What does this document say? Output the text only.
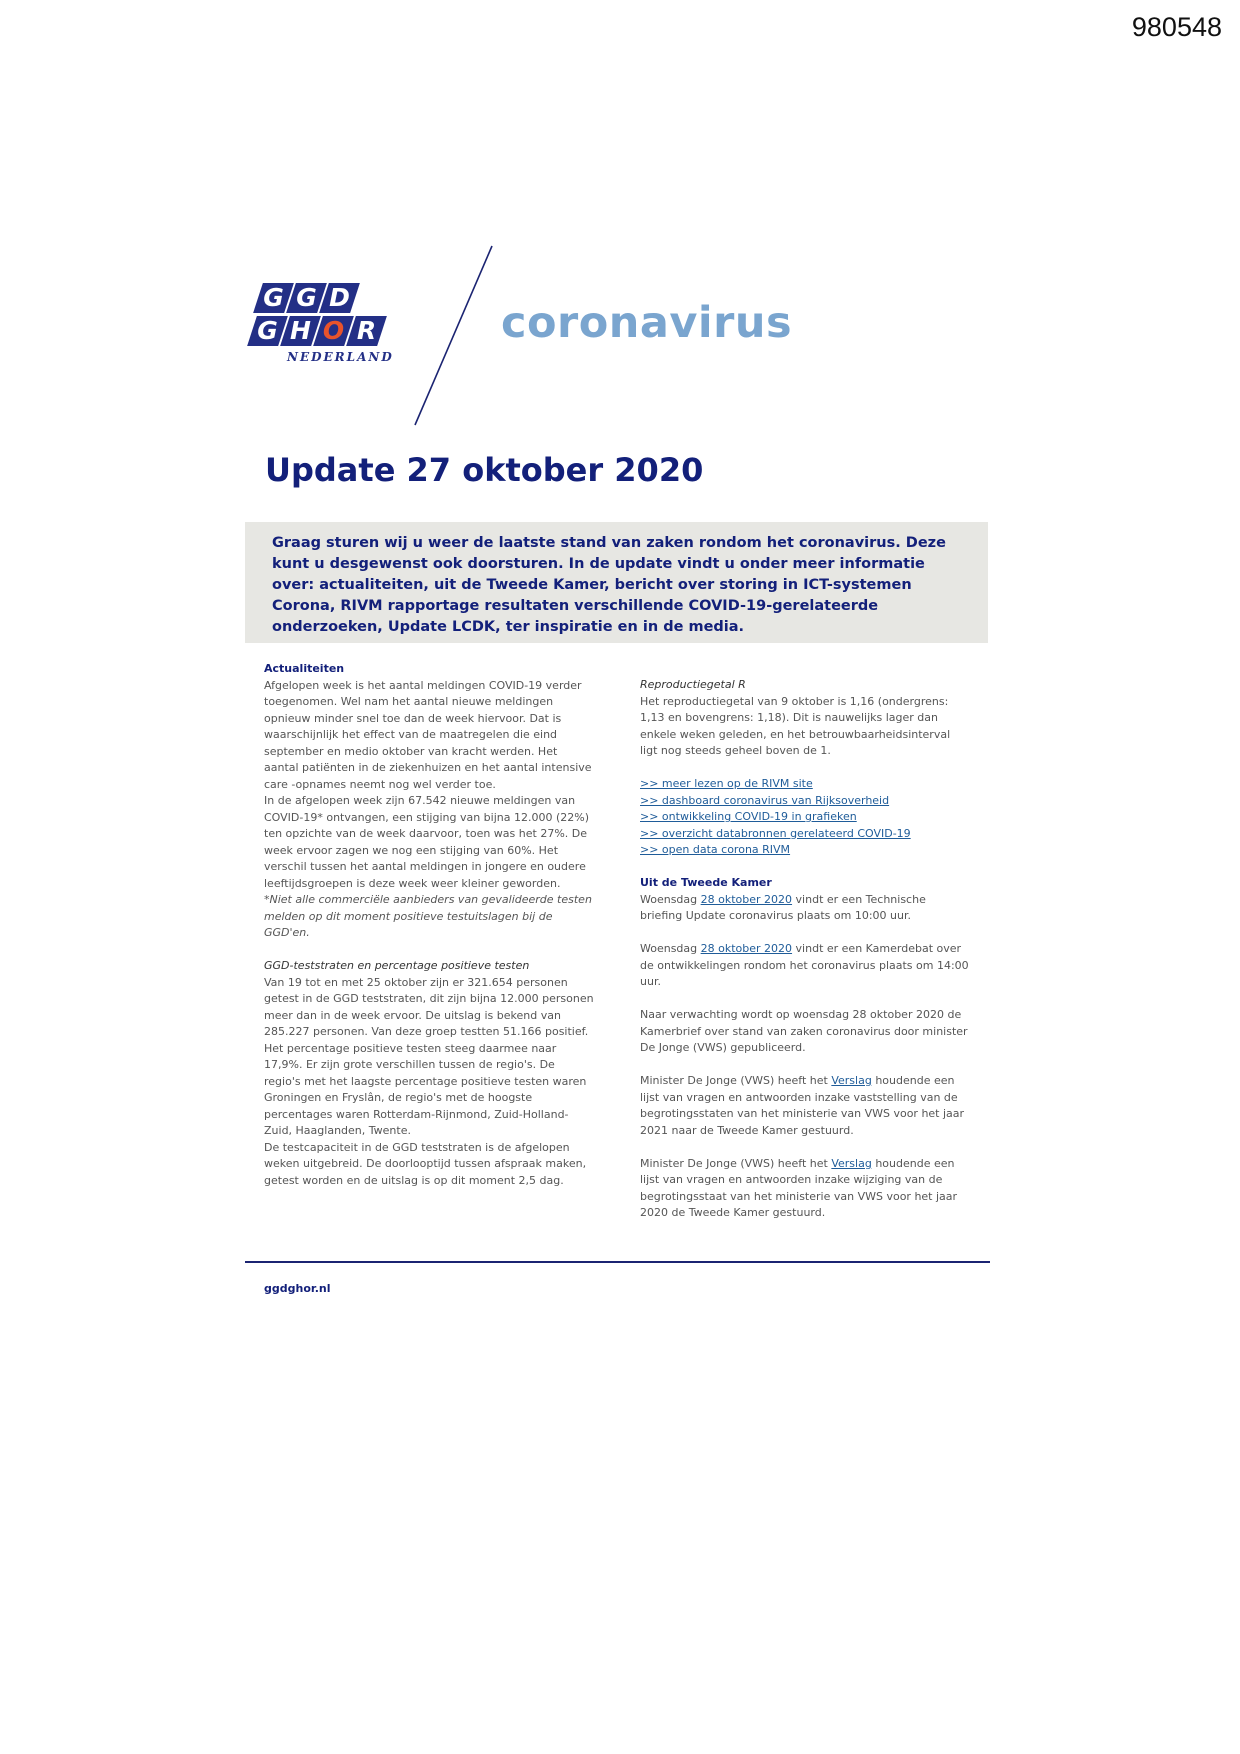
980548
G G D
G H O R
NEDERLAND
coronavirus
Update 27 oktober 2020
Graag sturen wij u weer de laatste stand van zaken rondom het coronavirus. Deze kunt u desgewenst ook doorsturen. In de update vindt u onder meer informatie over: actualiteiten, uit de Tweede Kamer, bericht over storing in ICT-systemen Corona, RIVM rapportage resultaten verschillende COVID-19-gerelateerde onderzoeken, Update LCDK, ter inspiratie en in de media.
Actualiteiten

Afgelopen week is het aantal meldingen COVID-19 verder toegenomen. Wel nam het aantal nieuwe meldingen opnieuw minder snel toe dan de week hiervoor. Dat is waarschijnlijk het effect van de maatregelen die eind september en medio oktober van kracht werden. Het aantal patiënten in de ziekenhuizen en het aantal intensive care -opnames neemt nog wel verder toe.

In de afgelopen week zijn 67.542 nieuwe meldingen van COVID-19* ontvangen, een stijging van bijna 12.000 (22%) ten opzichte van de week daarvoor, toen was het 27%. De week ervoor zagen we nog een stijging van 60%. Het verschil tussen het aantal meldingen in jongere en oudere leeftijdsgroepen is deze week weer kleiner geworden.

*Niet alle commerciële aanbieders van gevalideerde testen melden op dit moment positieve testuitslagen bij de GGD'en.

GGD-teststraten en percentage positieve testen

Van 19 tot en met 25 oktober zijn er 321.654 personen getest in de GGD teststraten, dit zijn bijna 12.000 personen meer dan in de week ervoor. De uitslag is bekend van 285.227 personen. Van deze groep testten 51.166 positief. Het percentage positieve testen steeg daarmee naar 17,9%. Er zijn grote verschillen tussen de regio's. De regio's met het laagste percentage positieve testen waren Groningen en Fryslân, de regio's met de hoogste percentages waren Rotterdam-Rijnmond, Zuid-Holland-Zuid, Haaglanden, Twente.

De testcapaciteit in de GGD teststraten is de afgelopen weken uitgebreid. De doorlooptijd tussen afspraak maken, getest worden en de uitslag is op dit moment 2,5 dag.

Reproductiegetal R

Het reproductiegetal van 9 oktober is 1,16 (ondergrens: 1,13 en bovengrens: 1,18). Dit is nauwelijks lager dan enkele weken geleden, en het betrouwbaarheidsinterval ligt nog steeds geheel boven de 1.

>> meer lezen op de RIVM site
>> dashboard coronavirus van Rijksoverheid
>> ontwikkeling COVID-19 in grafieken
>> overzicht databronnen gerelateerd COVID-19
>> open data corona RIVM
Uit de Tweede Kamer

Woensdag 28 oktober 2020 vindt er een Technische briefing Update coronavirus plaats om 10:00 uur.

Woensdag 28 oktober 2020 vindt er een Kamerdebat over de ontwikkelingen rondom het coronavirus plaats om 14:00 uur.

Naar verwachting wordt op woensdag 28 oktober 2020 de Kamerbrief over stand van zaken coronavirus door minister De Jonge (VWS) gepubliceerd.

Minister De Jonge (VWS) heeft het Verslag houdende een lijst van vragen en antwoorden inzake vaststelling van de begrotingsstaten van het ministerie van VWS voor het jaar 2021 naar de Tweede Kamer gestuurd.

Minister De Jonge (VWS) heeft het Verslag houdende een lijst van vragen en antwoorden inzake wijziging van de begrotingsstaat van het ministerie van VWS voor het jaar 2020 de Tweede Kamer gestuurd.

ggdghor.nl
